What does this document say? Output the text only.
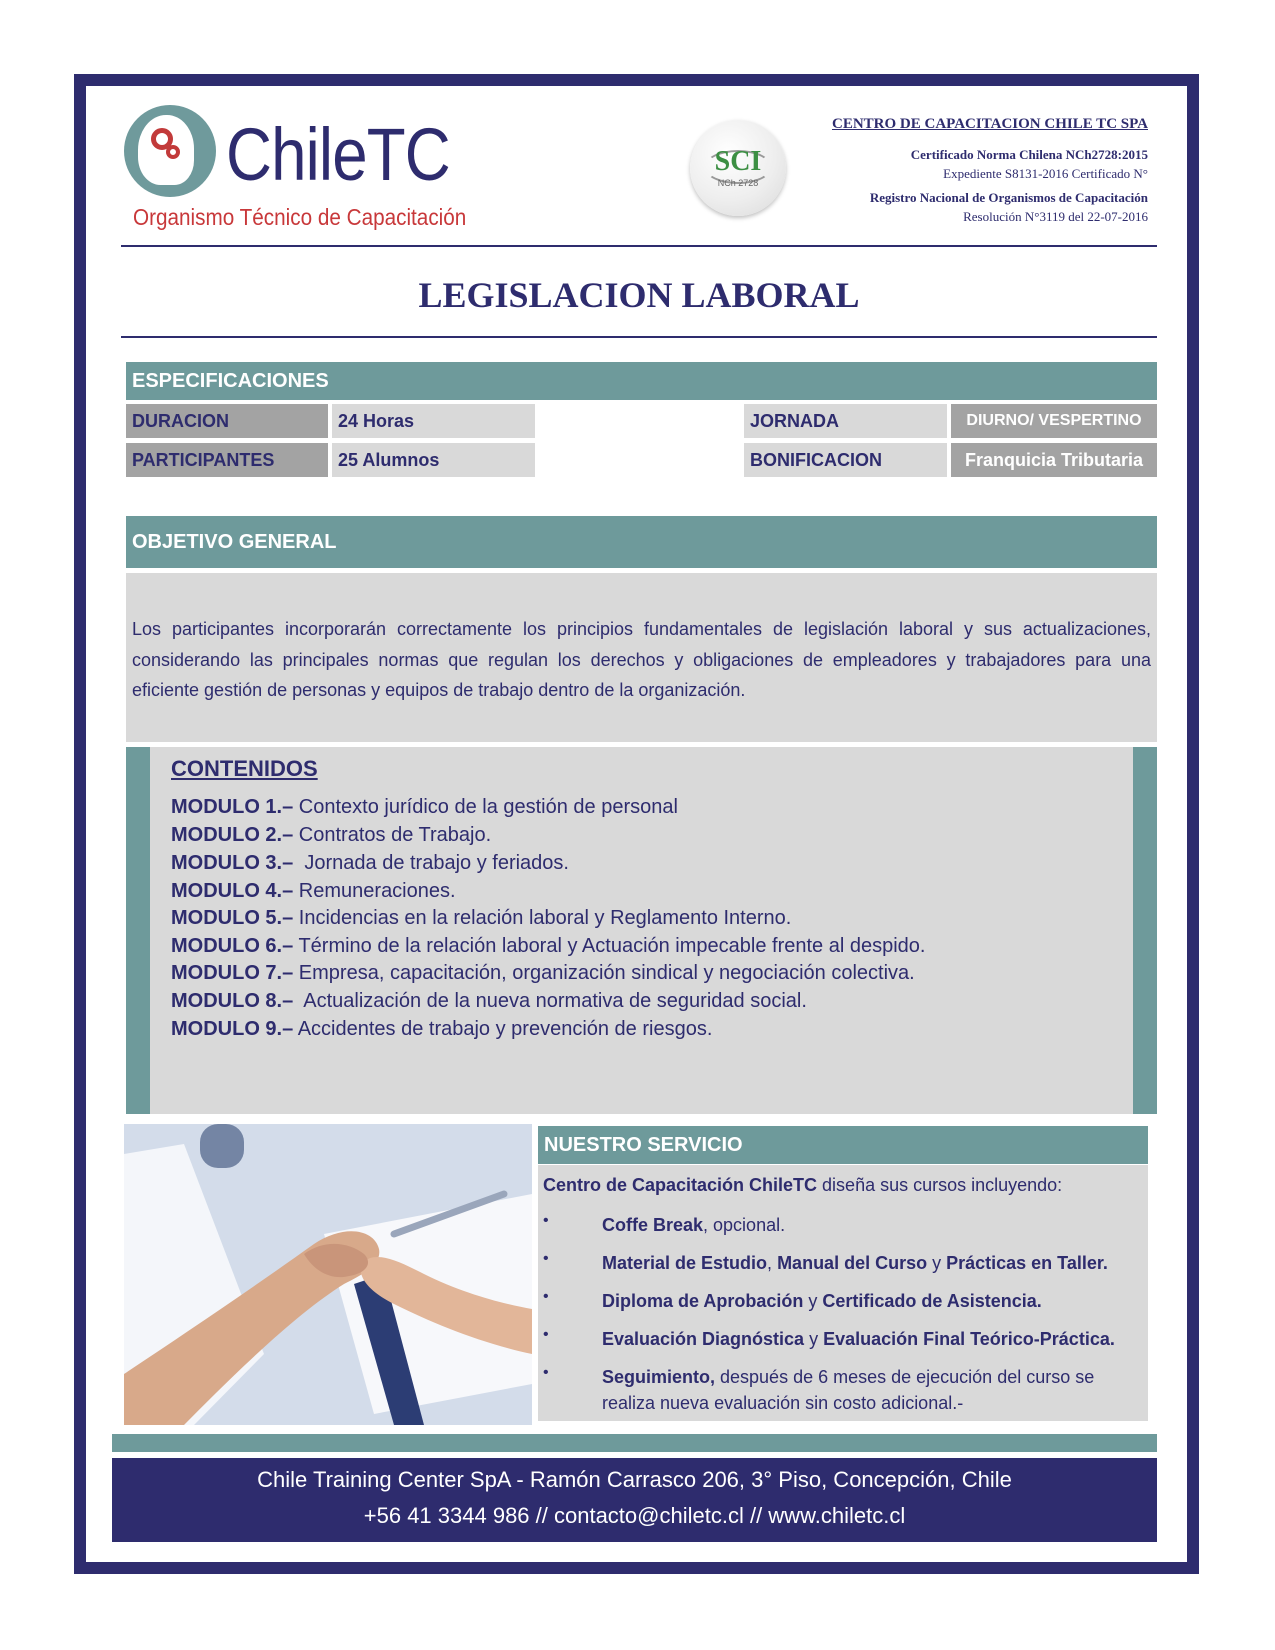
ChileTC
Organismo Técnico de Capacitación
SCI
NCh 2728
CENTRO DE CAPACITACION CHILE TC SPA
Certificado Norma Chilena NCh2728:2015
Expediente S8131-2016 Certificado N°
Registro Nacional de Organismos de Capacitación
Resolución N°3119 del 22-07-2016
LEGISLACION LABORAL
ESPECIFICACIONES
DURACION	24 Horas
PARTICIPANTES	25 Alumnos
JORNADA	DIURNO/ VESPERTINO
BONIFICACION	Franquicia Tributaria
OBJETIVO GENERAL
Los participantes incorporarán correctamente los principios fundamentales de legislación laboral y sus actualizaciones, considerando las principales normas que regulan los derechos y obligaciones de empleadores y trabajadores para una eficiente gestión de personas y equipos de trabajo dentro de la organización.
CONTENIDOS
MODULO 1.– Contexto jurídico de la gestión de personal
MODULO 2.– Contratos de Trabajo.
MODULO 3.–  Jornada de trabajo y feriados.
MODULO 4.– Remuneraciones.
MODULO 5.– Incidencias en la relación laboral y Reglamento Interno.
MODULO 6.– Término de la relación laboral y Actuación impecable frente al despido.
MODULO 7.– Empresa, capacitación, organización sindical y negociación colectiva.
MODULO 8.–  Actualización de la nueva normativa de seguridad social.
MODULO 9.– Accidentes de trabajo y prevención de riesgos.
NUESTRO SERVICIO
Centro de Capacitación ChileTC diseña sus cursos incluyendo:
•	Coffe Break, opcional.
•	Material de Estudio, Manual del Curso y Prácticas en Taller.
•	Diploma de Aprobación y Certificado de Asistencia.
•	Evaluación Diagnóstica y Evaluación Final Teórico-Práctica.
•	Seguimiento, después de 6 meses de ejecución del curso se realiza nueva evaluación sin costo adicional.-
Chile Training Center SpA - Ramón Carrasco 206, 3° Piso, Concepción, Chile
+56 41 3344 986 // contacto@chiletc.cl // www.chiletc.cl
